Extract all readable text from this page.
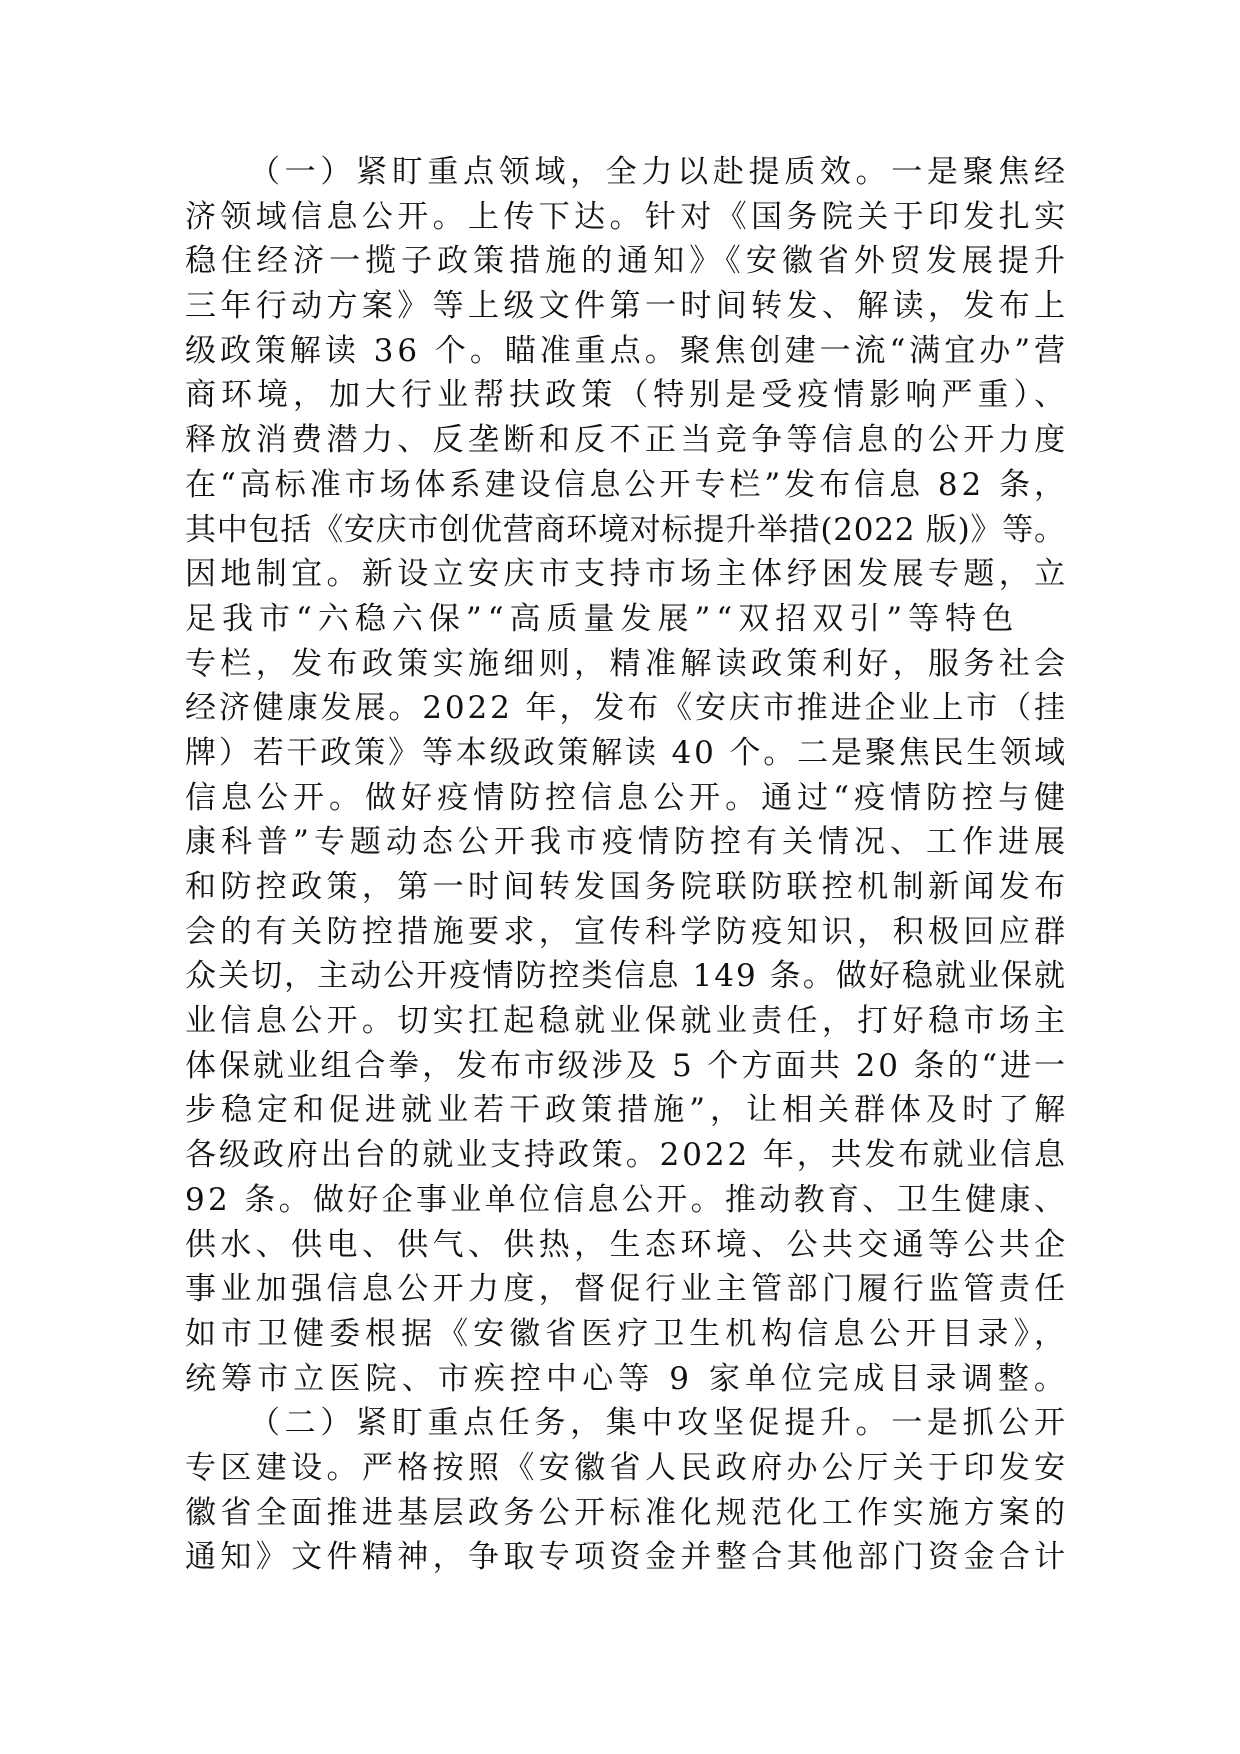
（一）紧盯重点领域，全力以赴提质效。一是聚焦经
济领域信息公开。上传下达。针对《国务院关于印发扎实
稳住经济一揽子政策措施的通知》《安徽省外贸发展提升
三年行动方案》等上级文件第一时间转发、解读，发布上
级政策解读 36 个。瞄准重点。聚焦创建一流“满宜办”营
商环境，加大行业帮扶政策（特别是受疫情影响严重）、
释放消费潜力、反垄断和反不正当竞争等信息的公开力度
在“高标准市场体系建设信息公开专栏”发布信息 82 条，
其中包括《安庆市创优营商环境对标提升举措(2022 版)》等。
因地制宜。新设立安庆市支持市场主体纾困发展专题，立
足我市“六稳六保”“高质量发展”“双招双引”等特色
专栏，发布政策实施细则，精准解读政策利好，服务社会
经济健康发展。2022 年，发布《安庆市推进企业上市（挂
牌）若干政策》等本级政策解读 40 个。二是聚焦民生领域
信息公开。做好疫情防控信息公开。通过“疫情防控与健
康科普”专题动态公开我市疫情防控有关情况、工作进展
和防控政策，第一时间转发国务院联防联控机制新闻发布
会的有关防控措施要求，宣传科学防疫知识，积极回应群
众关切，主动公开疫情防控类信息 149 条。做好稳就业保就
业信息公开。切实扛起稳就业保就业责任，打好稳市场主
体保就业组合拳，发布市级涉及 5 个方面共 20 条的“进一
步稳定和促进就业若干政策措施”，让相关群体及时了解
各级政府出台的就业支持政策。2022 年，共发布就业信息
92 条。做好企事业单位信息公开。推动教育、卫生健康、
供水、供电、供气、供热，生态环境、公共交通等公共企
事业加强信息公开力度，督促行业主管部门履行监管责任
如市卫健委根据《安徽省医疗卫生机构信息公开目录》，
统筹市立医院、市疾控中心等 9 家单位完成目录调整。
（二）紧盯重点任务，集中攻坚促提升。一是抓公开
专区建设。严格按照《安徽省人民政府办公厅关于印发安
徽省全面推进基层政务公开标准化规范化工作实施方案的
通知》文件精神，争取专项资金并整合其他部门资金合计
